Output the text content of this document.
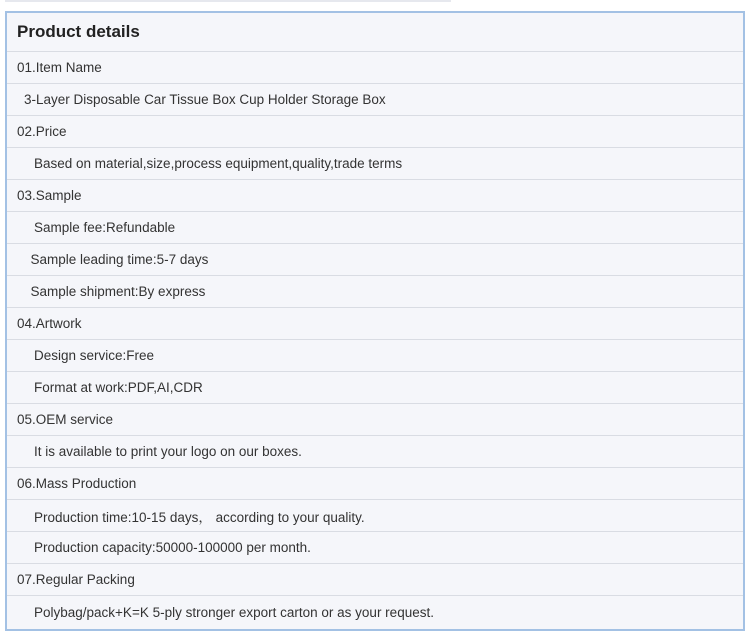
Product details
01.Item Name
3-Layer Disposable Car Tissue Box Cup Holder Storage Box
02.Price
Based on material,size,process equipment,quality,trade terms
03.Sample
Sample fee:Refundable
Sample leading time:5-7 days
Sample shipment:By express
04.Artwork
Design service:Free
Format at work:PDF,AI,CDR
05.OEM service
It is available to print your logo on our boxes.
06.Mass Production
Production time:10-15 days， according to your quality.
Production capacity:50000-100000 per month.
07.Regular Packing
Polybag/pack+K=K 5-ply stronger export carton or as your request.
